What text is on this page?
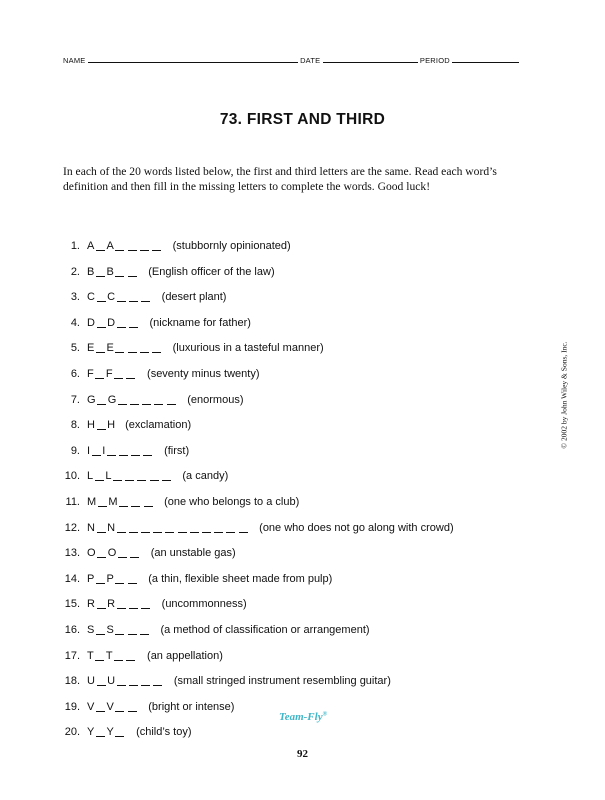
NAME	DATE	PERIOD
​
73. FIRST AND THIRD
In each of the 20 words listed below, the first and third letters are the same. Read each word’s definition and then fill in the missing letters to complete the words. Good luck!
1. A A	(stubbornly opinionated)
2. B B	(English officer of the law)
3. C C	(desert plant)
4. D D	(nickname for father)
5. E E	(luxurious in a tasteful manner)
6. F F	(seventy minus twenty)
7. G G	(enormous)
8. H H (exclamation)
9. I I	(first)
10. L L	(a candy)
11. M M	(one who belongs to a club)
12. N N	(one who does not go along with crowd)
13. O O	(an unstable gas)
14. P P	(a thin, flexible sheet made from pulp)
15. R R	(uncommonness)
16. S S	(a method of classification or arrangement)
17. T T	(an appellation)
18. U U	(small stringed instrument resembling guitar)
19. V V	(bright or intense)
20. Y Y (child’s toy)
© 2002 by John Wiley & Sons, Inc.
Team-Fly®
92
